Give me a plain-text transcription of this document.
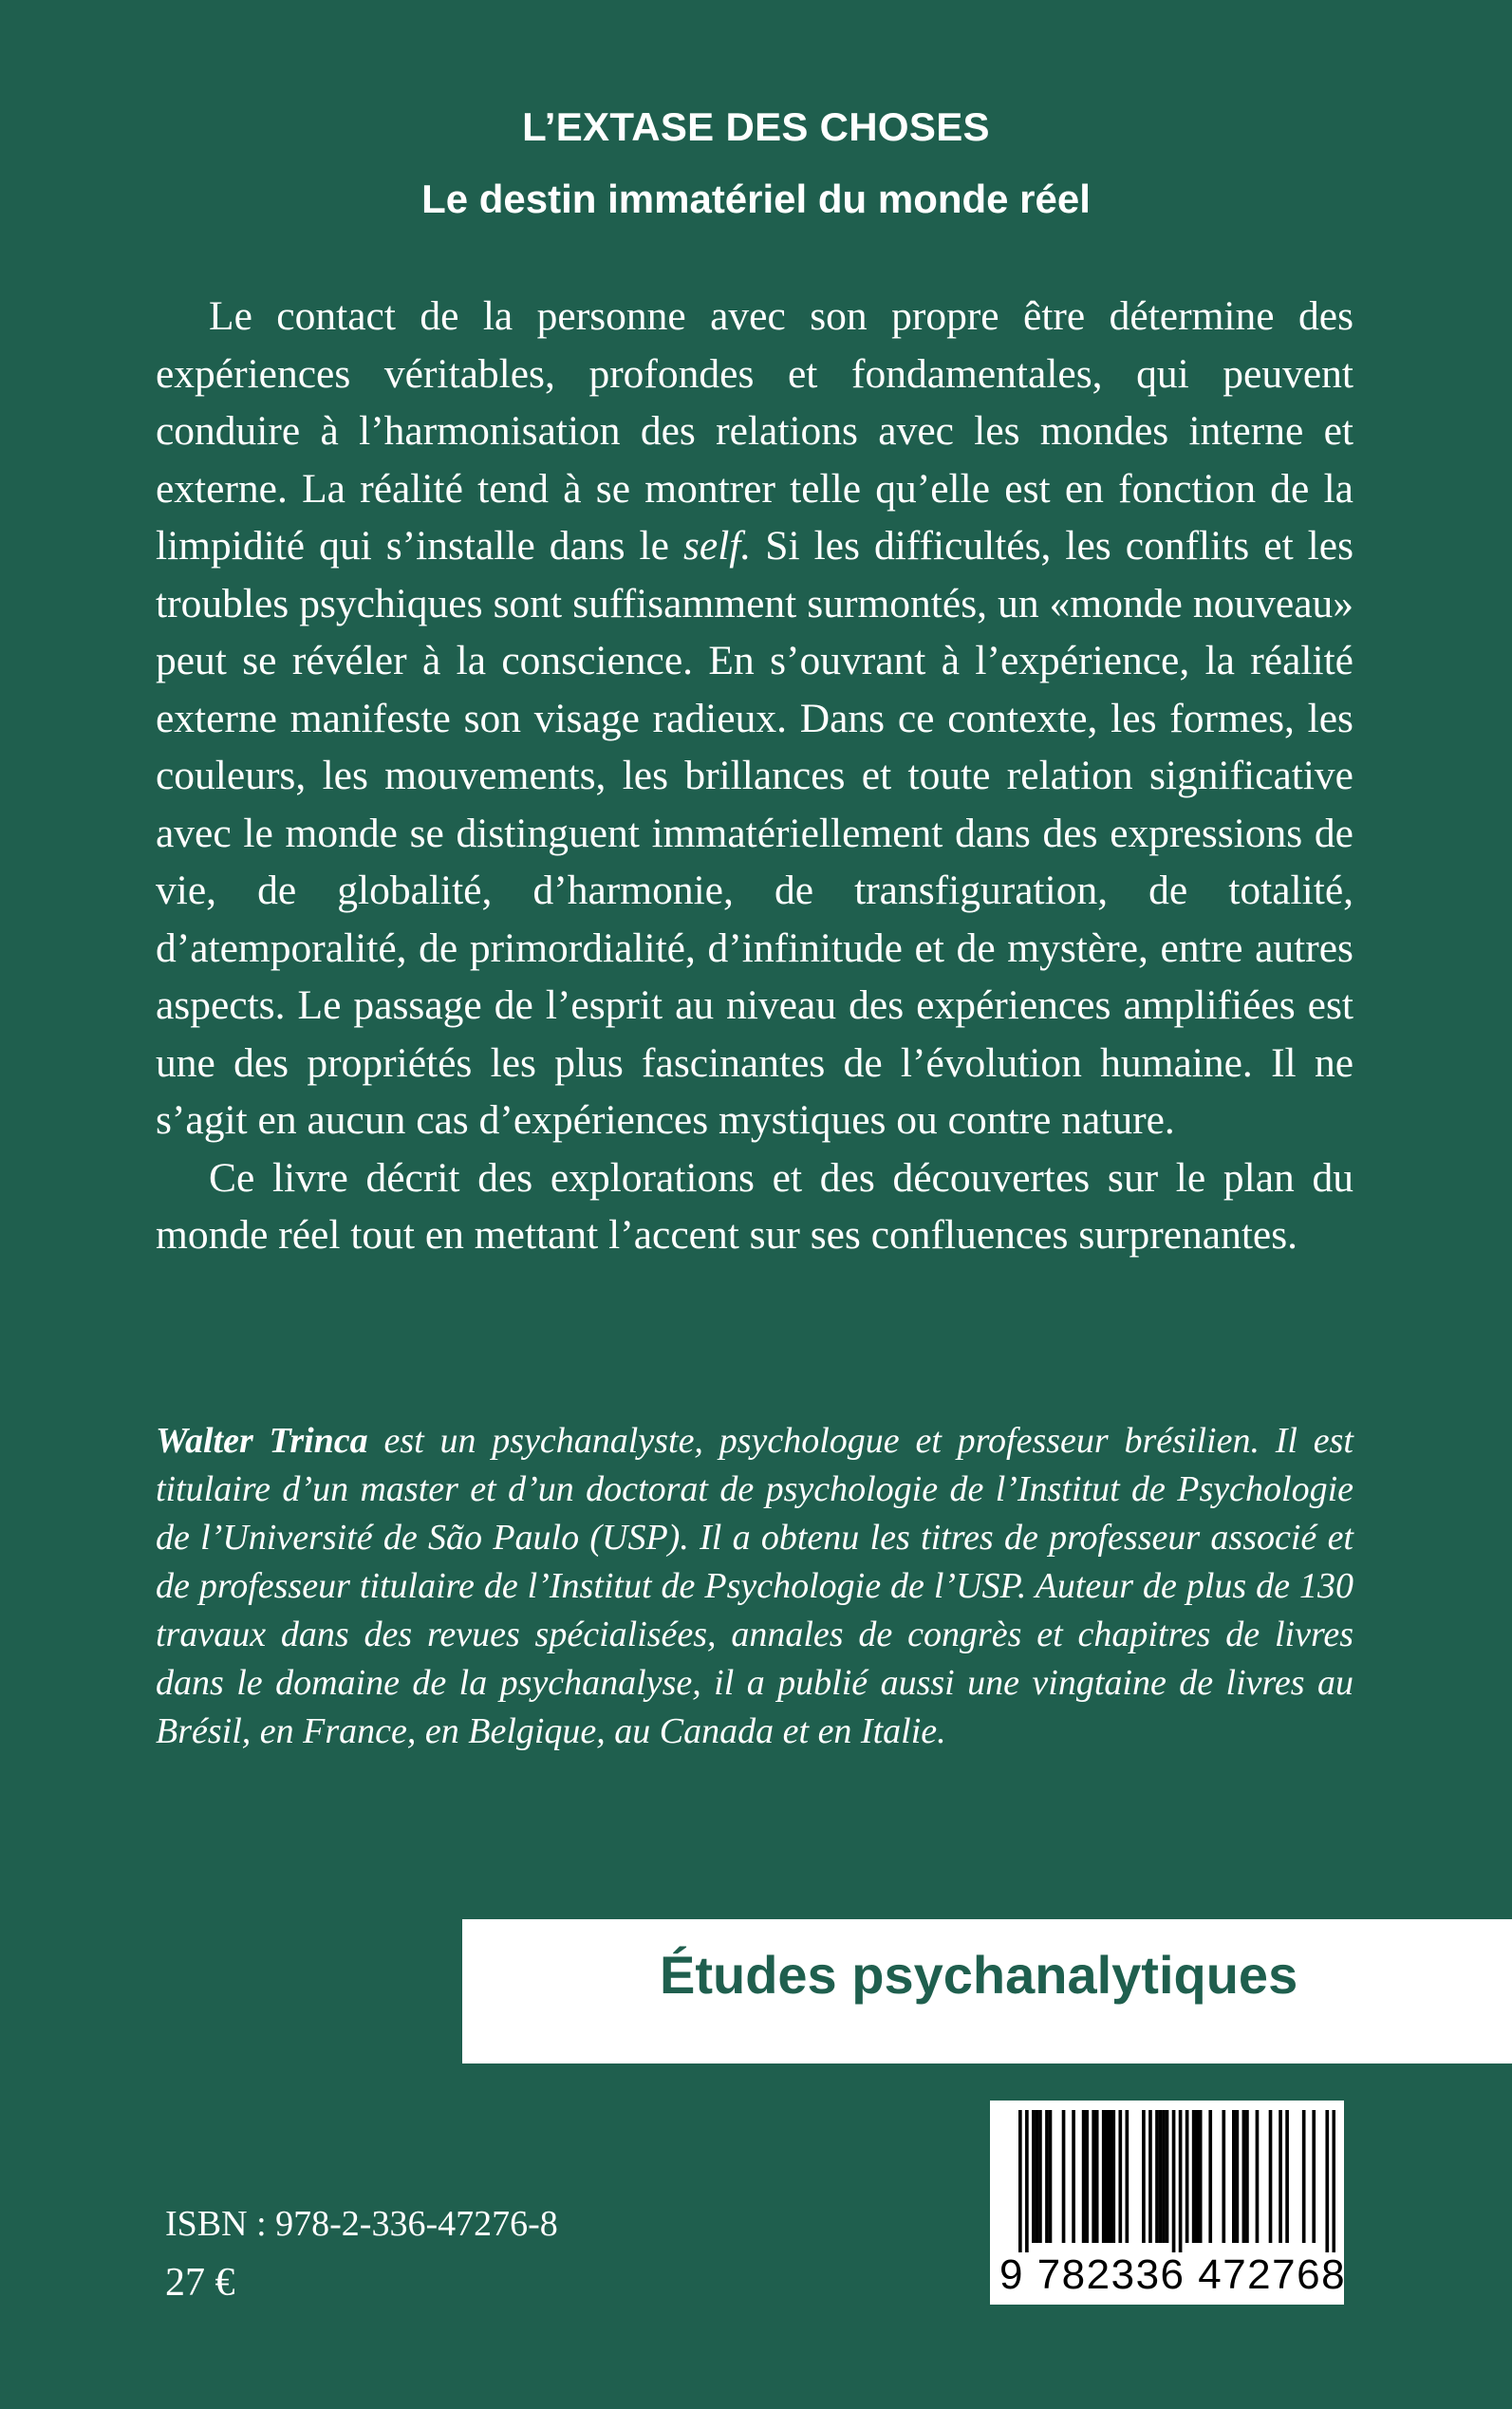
L’EXTASE DES CHOSES
Le destin immatériel du monde réel

Le contact de la personne avec son propre être détermine des expériences véritables, profondes et fondamentales, qui peuvent conduire à l’harmonisation des relations avec les mondes interne et externe. La réalité tend à se montrer telle qu’elle est en fonction de la limpidité qui s’installe dans le self. Si les difficultés, les conflits et les troubles psychiques sont suffisamment surmontés, un «monde nouveau» peut se révéler à la conscience. En s’ouvrant à l’expérience, la réalité externe manifeste son visage radieux. Dans ce contexte, les formes, les couleurs, les mouvements, les brillances et toute relation significative avec le monde se distinguent immatériellement dans des expressions de vie, de globalité, d’harmonie, de transfiguration, de totalité, d’atemporalité, de primordialité, d’infinitude et de mystère, entre autres aspects. Le passage de l’esprit au niveau des expériences amplifiées est une des propriétés les plus fascinantes de l’évolution humaine. Il ne s’agit en aucun cas d’expériences mystiques ou contre nature.

Ce livre décrit des explorations et des découvertes sur le plan du monde réel tout en mettant l’accent sur ses confluences surprenantes.

Walter Trinca est un psychanalyste, psychologue et professeur brésilien. Il est titulaire d’un master et d’un doctorat de psychologie de l’Institut de Psychologie de l’Université de São Paulo (USP). Il a obtenu les titres de professeur associé et de professeur titulaire de l’Institut de Psychologie de l’USP. Auteur de plus de 130 travaux dans des revues spécialisées, annales de congrès et chapitres de livres dans le domaine de la psychanalyse, il a publié aussi une vingtaine de livres au Brésil, en France, en Belgique, au Canada et en Italie.

Études psychanalytiques

ISBN : 978-2-336-47276-8

27 €	9 782336 472768
